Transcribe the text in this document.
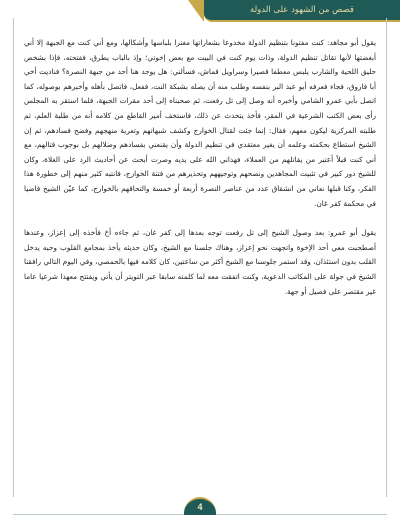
قصص من الشهود على الدولة

يقول أبو مجاهد: كنت مفتونا بتنظيم الدولة مخدوعا بشعاراتها مغترا بلباسها وأشكالها، ومع أني كنت مع الجبهة إلا أني أبغضتها لأنها تقاتل تنظيم الدولة، وذات يوم كنت في البيت مع بعض إخوتي؛ وإذ بالباب يطرق، ففتحته، فإذا بشخص حليق اللحية والشارب يلبس معطفا قصيرا وسراويل قماش، فسألني: هل يوجد هنا أحد من جبهة النصرة؟ فناديت أخي أبا فاروق، فجاء فعرفه أبو عبد البر بنفسه وطلب منه أن يصله بشبكة النت، ففعل، فاتصل بأهله وأخبرهم بوصوله، كما اتصل بأبي عمرو الشامي وأخبره أنه وصل إلى تل رفعت، ثم صحبناه إلى أحد مقرات الجبهة، فلما استقر به المجلس رأى بعض الكتب الشرعية في المقر، فأخذ يتحدث عن ذلك، فاستخف أمير القاطع من كلامه أنه من طلبة العلم، ثم طلبته المركزية ليكون معهم، فقال: إنما جئت لقتال الخوارج وكشف شبهاتهم وتعرية منهجهم وفضح فسادهم، ثم إن الشيخ استطاع بحكمته وعلمه أن يغير معتقدي في تنظيم الدولة وأن يقنعني بفسادهم وضلالهم بل بوجوب قتالهم، مع أني كنت قبلاً أعتبر من يقاتلهم من العملاء، فهداني الله على يديه وصرت أبحث عن أحاديث الرد على الغلاة، وكان للشيخ دور كبير في تثبيت المجاهدين ونصحهم وتوجيههم وتحذيرهم من فتنة الخوارج، فانتبه كثير منهم إلى خطورة هذا الفكر، وكنا قبلها نعاني من انشقاق عدد من عناصر النصرة أربعة أو خمسة والتحاقهم بالخوارج، كما عيّن الشيخ قاضيا في محكمة كفر غان.

يقول أبو عمرو: بعد وصول الشيخ إلى تل رفعت توجه بعدها إلى كفر غان، ثم جاءه أخ فأخذه إلى إعزاز، وعندها أصطحبت معي أحد الإخوة واتجهت نحو إعزاز، وهناك جلسنا مع الشيخ، وكان حديثه يأخذ بمجامع القلوب وحبه يدخل القلب بدون استئذان، وقد استمر جلوسنا مع الشيخ أكثر من ساعتين، كان كلامه فيها بالحمصي، وفي اليوم التالي رافقنا الشيخ في جولة على المكاتب الدعوية، وكنت اتفقت معه لما كلمته سابقا عبر التويتر أن يأتي ويفتتح معهدا شرعيا عاما غير مقتصر على فصيل أو جهة.

4
